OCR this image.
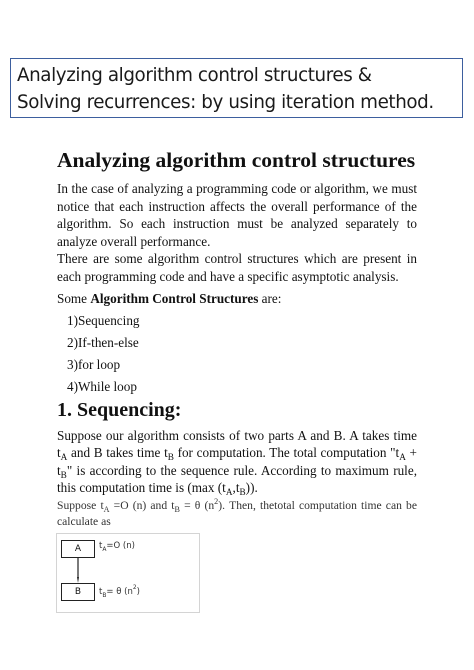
Analyzing algorithm control structures &
Solving recurrences: by using iteration method.
Analyzing algorithm control structures

In the case of analyzing a programming code or algorithm, we must notice that each instruction affects the overall performance of the algorithm. So each instruction must be analyzed separately to analyze overall performance.

There are some algorithm control structures which are present in each programming code and have a specific asymptotic analysis.

Some Algorithm Control Structures are:

1)Sequencing
2)If-then-else
3)for loop
4)While loop
1. Sequencing:

Suppose our algorithm consists of two parts A and B. A takes time $t_A$ and B takes time $t_B$ for computation. The total computation "$t_A + t_B$" is according to the sequence rule. According to maximum rule, this computation time is (max $(t_A,t_B)$).

Suppose $t_A =O$ (n) and $t_B = \theta$ $(n^2)$. Then, thetotal computation time can be calculate as

A
B
$t_A=O$ (n)
$t_B= \theta$ $(n^2)$
